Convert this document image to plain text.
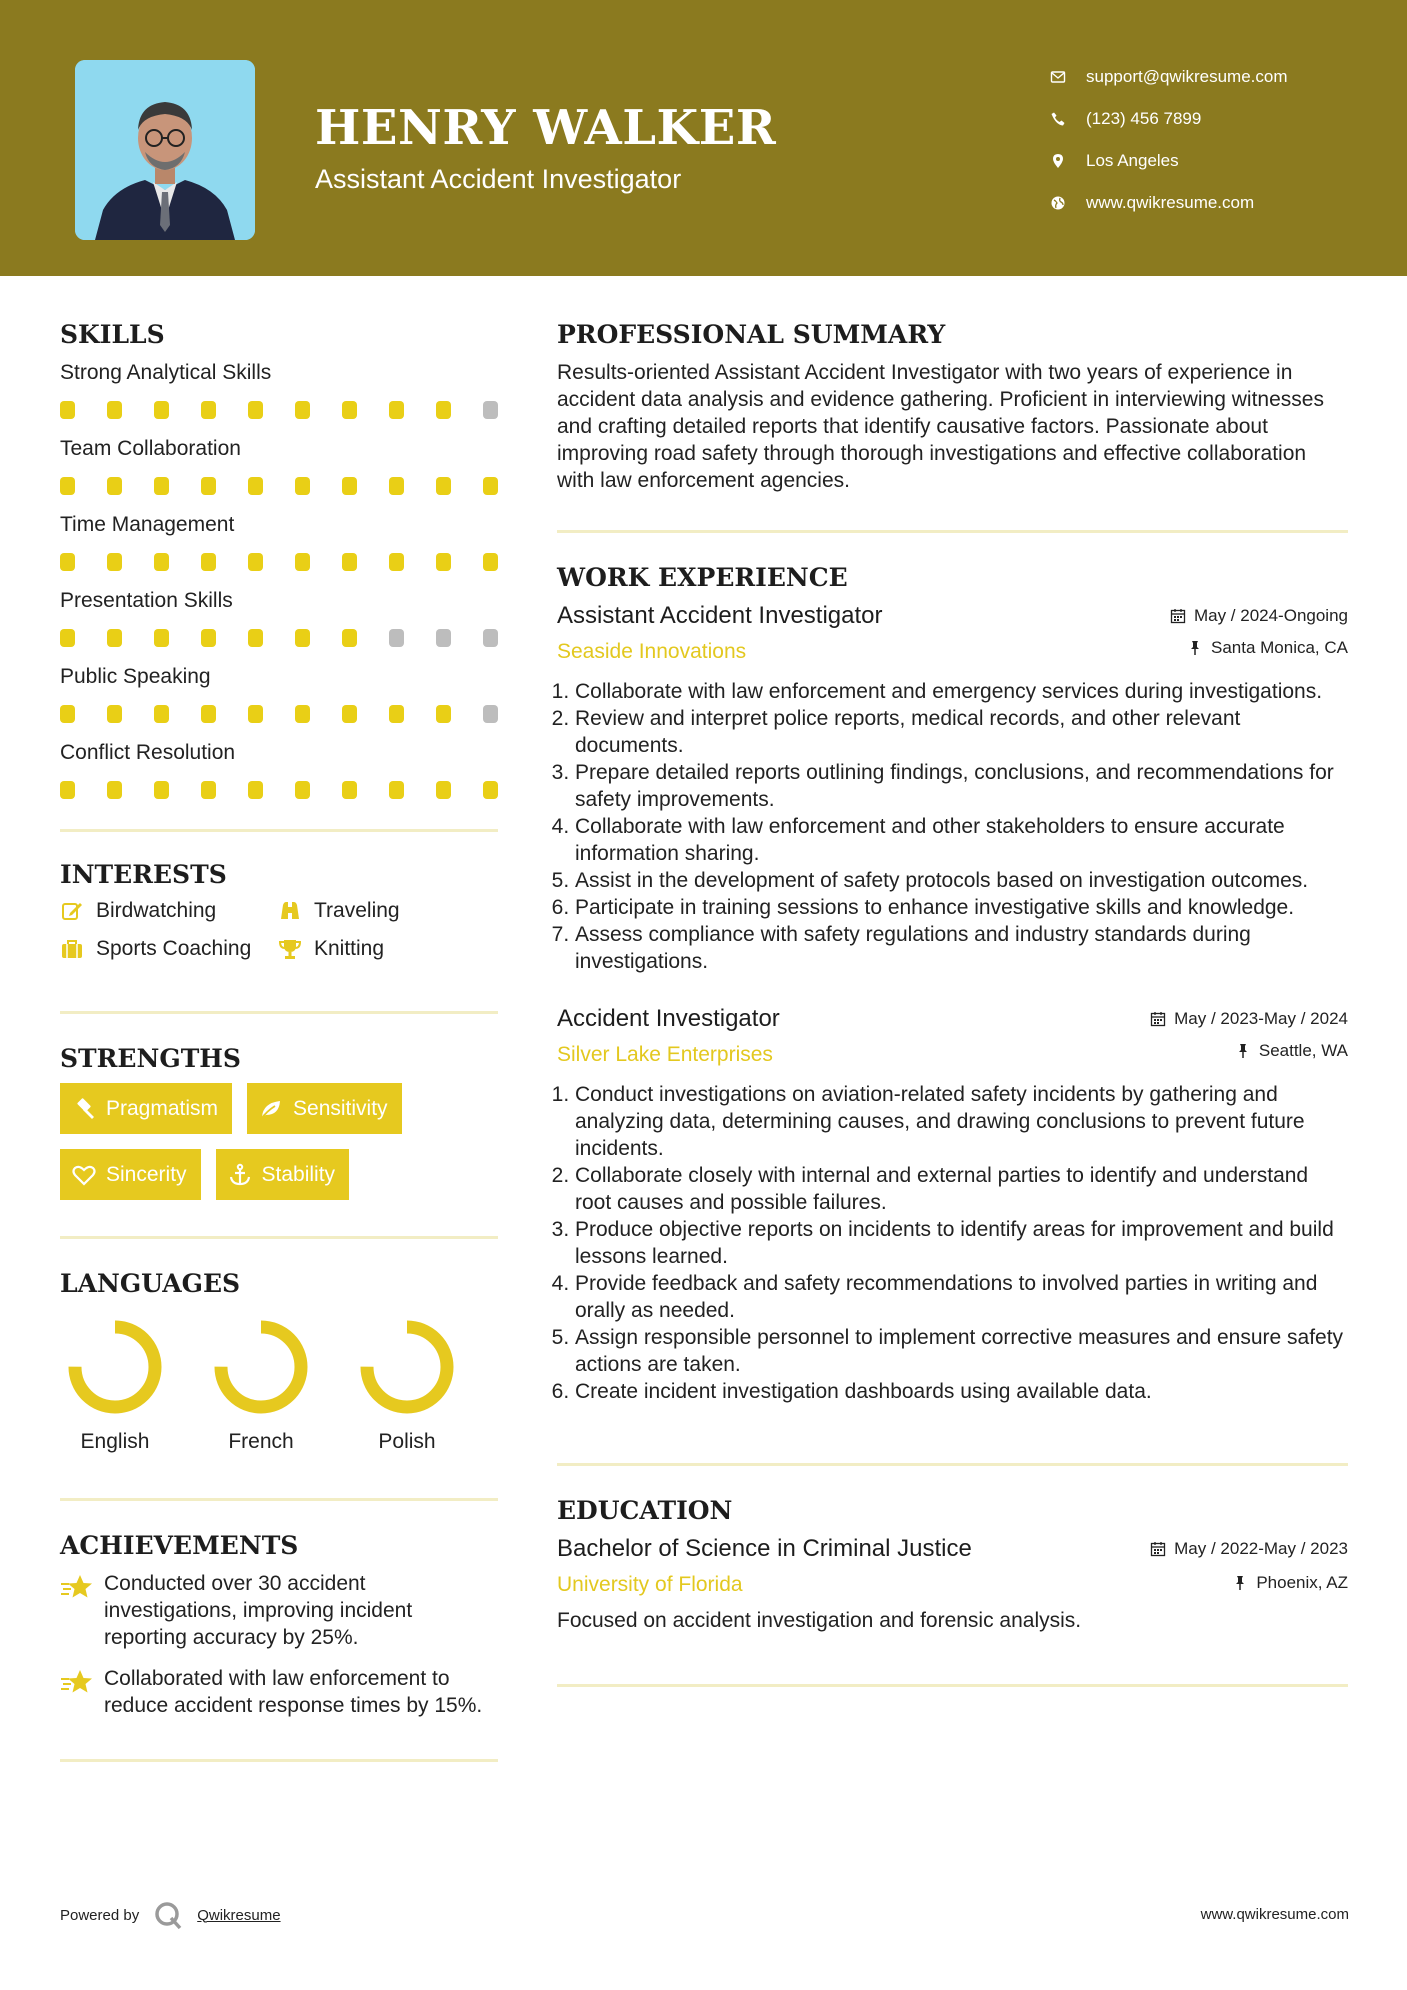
HENRY WALKER
Assistant Accident Investigator
support@qwikresume.com
(123) 456 7899
Los Angeles
www.qwikresume.com
SKILLS
Strong Analytical Skills
Team Collaboration
Time Management
Presentation Skills
Public Speaking
Conflict Resolution
INTERESTS
Birdwatching	Traveling
Sports Coaching	Knitting
STRENGTHS
Pragmatism	Sensitivity
Sincerity	Stability
LANGUAGES
English	French	Polish
ACHIEVEMENTS
Conducted over 30 accident investigations, improving incident reporting accuracy by 25%.
Collaborated with law enforcement to reduce accident response times by 15%.
PROFESSIONAL SUMMARY
Results-oriented Assistant Accident Investigator with two years of experience in accident data analysis and evidence gathering. Proficient in interviewing witnesses and crafting detailed reports that identify causative factors. Passionate about improving road safety through thorough investigations and effective collaboration with law enforcement agencies.
WORK EXPERIENCE
Assistant Accident Investigator
Seaside Innovations
May / 2024-Ongoing
Santa Monica, CA
1. Collaborate with law enforcement and emergency services during investigations.
2. Review and interpret police reports, medical records, and other relevant documents.
3. Prepare detailed reports outlining findings, conclusions, and recommendations for safety improvements.
4. Collaborate with law enforcement and other stakeholders to ensure accurate information sharing.
5. Assist in the development of safety protocols based on investigation outcomes.
6. Participate in training sessions to enhance investigative skills and knowledge.
7. Assess compliance with safety regulations and industry standards during investigations.
Accident Investigator
Silver Lake Enterprises
May / 2023-May / 2024
Seattle, WA
1. Conduct investigations on aviation-related safety incidents by gathering and analyzing data, determining causes, and drawing conclusions to prevent future incidents.
2. Collaborate closely with internal and external parties to identify and understand root causes and possible failures.
3. Produce objective reports on incidents to identify areas for improvement and build lessons learned.
4. Provide feedback and safety recommendations to involved parties in writing and orally as needed.
5. Assign responsible personnel to implement corrective measures and ensure safety actions are taken.
6. Create incident investigation dashboards using available data.
EDUCATION
Bachelor of Science in Criminal Justice
University of Florida
May / 2022-May / 2023
Phoenix, AZ
Focused on accident investigation and forensic analysis.
Powered by	Qwikresume	www.qwikresume.com
